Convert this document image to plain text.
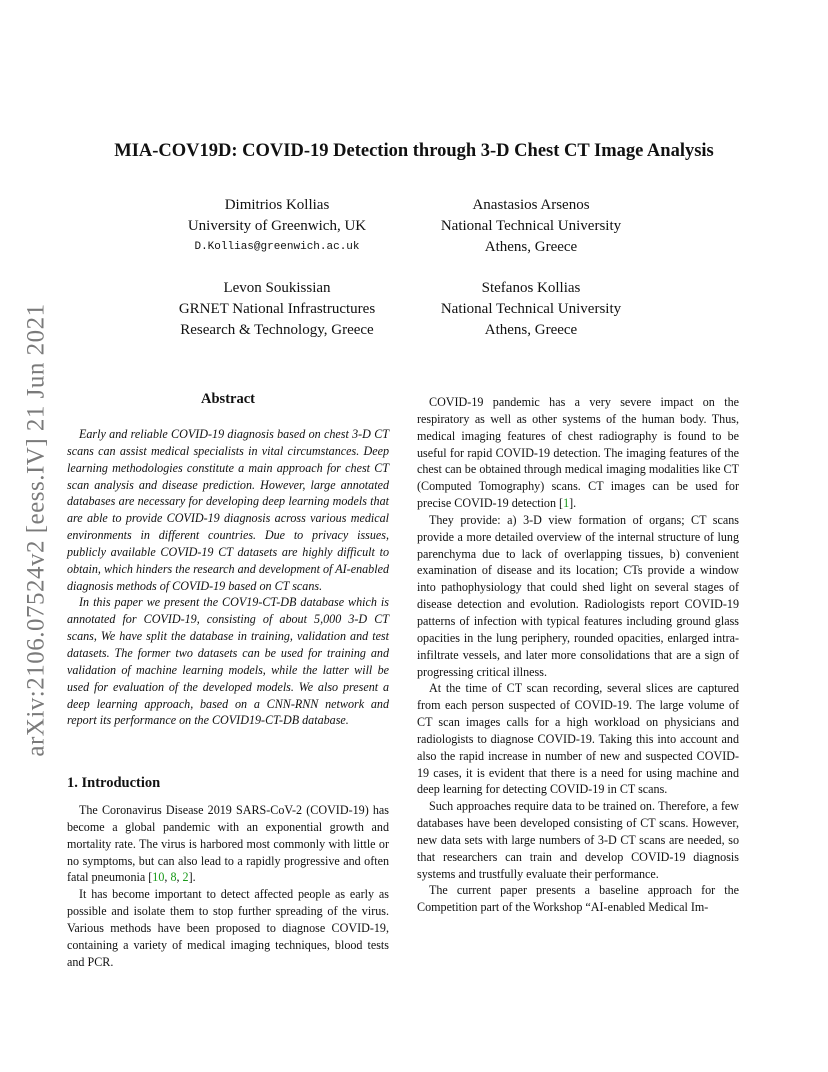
arXiv:2106.07524v2 [eess.IV] 21 Jun 2021
MIA-COV19D: COVID-19 Detection through 3-D Chest CT Image Analysis
Dimitrios Kollias
University of Greenwich, UK
D.Kollias@greenwich.ac.uk
Anastasios Arsenos
National Technical University
Athens, Greece
Levon Soukissian
GRNET National Infrastructures
Research & Technology, Greece
Stefanos Kollias
National Technical University
Athens, Greece
Abstract

Early and reliable COVID-19 diagnosis based on chest 3-D CT scans can assist medical specialists in vital circumstances. Deep learning methodologies constitute a main approach for chest CT scan analysis and disease prediction. However, large annotated databases are necessary for developing deep learning models that are able to provide COVID-19 diagnosis across various medical environments in different countries. Due to privacy issues, publicly available COVID-19 CT datasets are highly difficult to obtain, which hinders the research and development of AI-enabled diagnosis methods of COVID-19 based on CT scans.

In this paper we present the COV19-CT-DB database which is annotated for COVID-19, consisting of about 5,000 3-D CT scans, We have split the database in training, validation and test datasets. The former two datasets can be used for training and validation of machine learning models, while the latter will be used for evaluation of the developed models. We also present a deep learning approach, based on a CNN-RNN network and report its performance on the COVID19-CT-DB database.

1. Introduction

The Coronavirus Disease 2019 SARS-CoV-2 (COVID-19) has become a global pandemic with an exponential growth and mortality rate. The virus is harbored most commonly with little or no symptoms, but can also lead to a rapidly progressive and often fatal pneumonia [10, 8, 2].

It has become important to detect affected people as early as possible and isolate them to stop further spreading of the virus. Various methods have been proposed to diagnose COVID-19, containing a variety of medical imaging techniques, blood tests and PCR.

COVID-19 pandemic has a very severe impact on the respiratory as well as other systems of the human body. Thus, medical imaging features of chest radiography is found to be useful for rapid COVID-19 detection. The imaging features of the chest can be obtained through medical imaging modalities like CT (Computed Tomography) scans. CT images can be used for precise COVID-19 detection [1].

They provide: a) 3-D view formation of organs; CT scans provide a more detailed overview of the internal structure of lung parenchyma due to lack of overlapping tissues, b) convenient examination of disease and its location; CTs provide a window into pathophysiology that could shed light on several stages of disease detection and evolution. Radiologists report COVID-19 patterns of infection with typical features including ground glass opacities in the lung periphery, rounded opacities, enlarged intra-infiltrate vessels, and later more consolidations that are a sign of progressing critical illness.

At the time of CT scan recording, several slices are captured from each person suspected of COVID-19. The large volume of CT scan images calls for a high workload on physicians and radiologists to diagnose COVID-19. Taking this into account and also the rapid increase in number of new and suspected COVID-19 cases, it is evident that there is a need for using machine and deep learning for detecting COVID-19 in CT scans.

Such approaches require data to be trained on. Therefore, a few databases have been developed consisting of CT scans. However, new data sets with large numbers of 3-D CT scans are needed, so that researchers can train and develop COVID-19 diagnosis systems and trustfully evaluate their performance.

The current paper presents a baseline approach for the Competition part of the Workshop “AI-enabled Medical Im-
